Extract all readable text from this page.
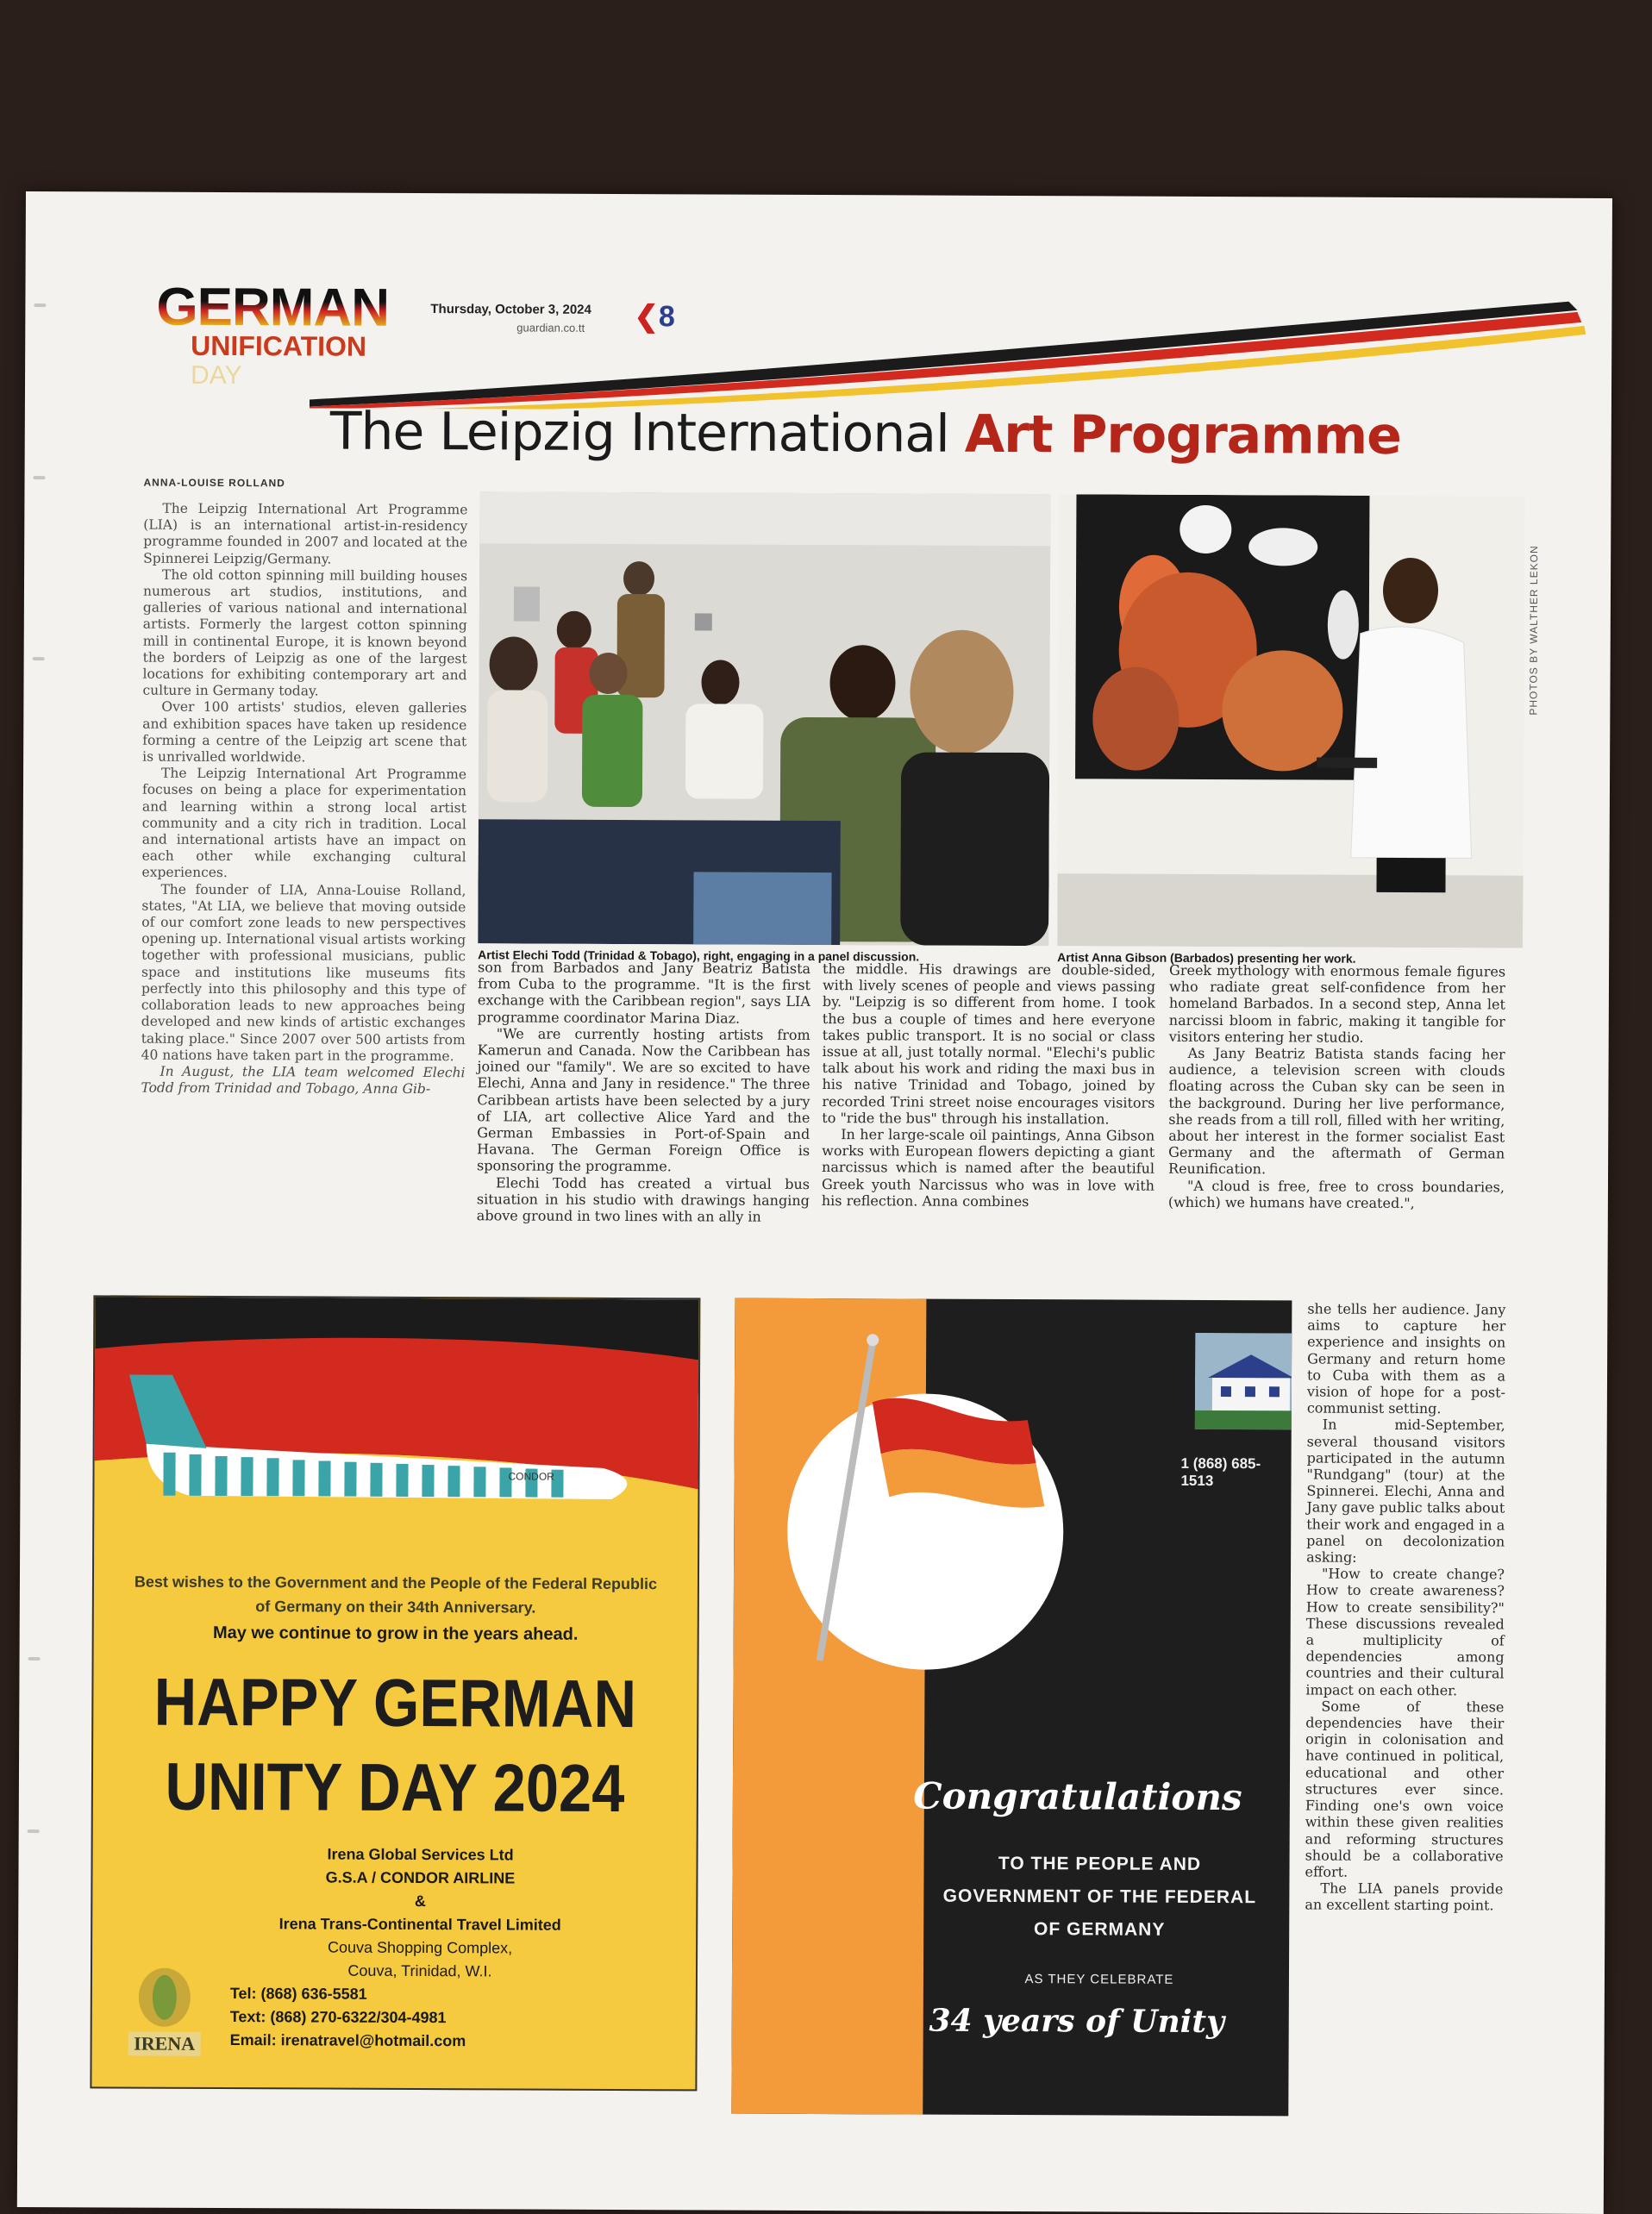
GERMAN
UNIFICATION
DAY
Thursday, October 3, 2024
guardian.co.tt ❮8
The Leipzig International Art Programme
ANNA-LOUISE ROLLAND

The Leipzig International Art Programme (LIA) is an international artist-in-residency programme founded in 2007 and located at the Spinnerei Leipzig/Germany.

The old cotton spinning mill building houses numerous art studios, institutions, and galleries of various national and international artists. Formerly the largest cotton spinning mill in continental Europe, it is known beyond the borders of Leipzig as one of the largest locations for exhibiting contemporary art and culture in Germany today.

Over 100 artists' studios, eleven galleries and exhibition spaces have taken up residence forming a centre of the Leipzig art scene that is unrivalled worldwide.

The Leipzig International Art Programme focuses on being a place for experimentation and learning within a strong local artist community and a city rich in tradition. Local and international artists have an impact on each other while exchanging cultural experiences.

The founder of LIA, Anna-Louise Rolland, states, "At LIA, we believe that moving outside of our comfort zone leads to new perspectives opening up. International visual artists working together with professional musicians, public space and institutions like museums fits perfectly into this philosophy and this type of collaboration leads to new approaches being developed and new kinds of artistic exchanges taking place." Since 2007 over 500 artists from 40 nations have taken part in the programme.

In August, the LIA team welcomed Elechi Todd from Trinidad and Tobago, Anna Gib-

Artist Elechi Todd (Trinidad & Tobago), right, engaging in a panel discussion.	Artist Anna Gibson (Barbados) presenting her work.
PHOTOS BY WALTHER LEKON

son from Barbados and Jany Beatriz Batista from Cuba to the programme. "It is the first exchange with the Caribbean region", says LIA programme coordinator Marina Diaz.

"We are currently hosting artists from Kamerun and Canada. Now the Caribbean has joined our "family". We are so excited to have Elechi, Anna and Jany in residence." The three Caribbean artists have been selected by a jury of LIA, art collective Alice Yard and the German Embassies in Port-of-Spain and Havana. The German Foreign Office is sponsoring the programme.

Elechi Todd has created a virtual bus situation in his studio with drawings hanging above ground in two lines with an ally in

the middle. His drawings are double-sided, with lively scenes of people and views passing by. "Leipzig is so different from home. I took the bus a couple of times and here everyone takes public transport. It is no social or class issue at all, just totally normal. "Elechi's public talk about his work and riding the maxi bus in his native Trinidad and Tobago, joined by recorded Trini street noise encourages visitors to "ride the bus" through his installation.

In her large-scale oil paintings, Anna Gibson works with European flowers depicting a giant narcissus which is named after the beautiful Greek youth Narcissus who was in love with his reflection. Anna combines

Greek mythology with enormous female figures who radiate great self-confidence from her homeland Barbados. In a second step, Anna let narcissi bloom in fabric, making it tangible for visitors entering her studio.

As Jany Beatriz Batista stands facing her audience, a television screen with clouds floating across the Cuban sky can be seen in the background. During her live performance, she reads from a till roll, filled with her writing, about her interest in the former socialist East Germany and the aftermath of German Reunification.

"A cloud is free, free to cross boundaries, (which) we humans have created.",

she tells her audience. Jany aims to capture her experience and insights on Germany and return home to Cuba with them as a vision of hope for a post-communist setting.

In mid-September, several thousand visitors participated in the autumn "Rundgang" (tour) at the Spinnerei. Elechi, Anna and Jany gave public talks about their work and engaged in a panel on decolonization asking:

"How to create change? How to create awareness? How to create sensibility?" These discussions revealed a multiplicity of dependencies among countries and their cultural impact on each other.

Some of these dependencies have their origin in colonisation and have continued in political, educational and other structures ever since. Finding one's own voice within these given realities and reforming structures should be a collaborative effort.

The LIA panels provide an excellent starting point.

CONDOR
Best wishes to the Government and the People of the Federal Republic of Germany on their 34th Anniversary.
May we continue to grow in the years ahead.
HAPPY GERMAN
UNITY DAY 2024
Irena Global Services Ltd
G.S.A / CONDOR AIRLINE
&
Irena Trans-Continental Travel Limited
Couva Shopping Complex,
Couva, Trinidad, W.I.
Tel: (868) 636-5581
Text: (868) 270-6322/304-4981
Email: irenatravel@hotmail.com
IRENA
1 (868) 685-1513
Congratulations
TO THE PEOPLE AND
GOVERNMENT OF THE FEDERAL
OF GERMANY
AS THEY CELEBRATE
34 years of Unity
